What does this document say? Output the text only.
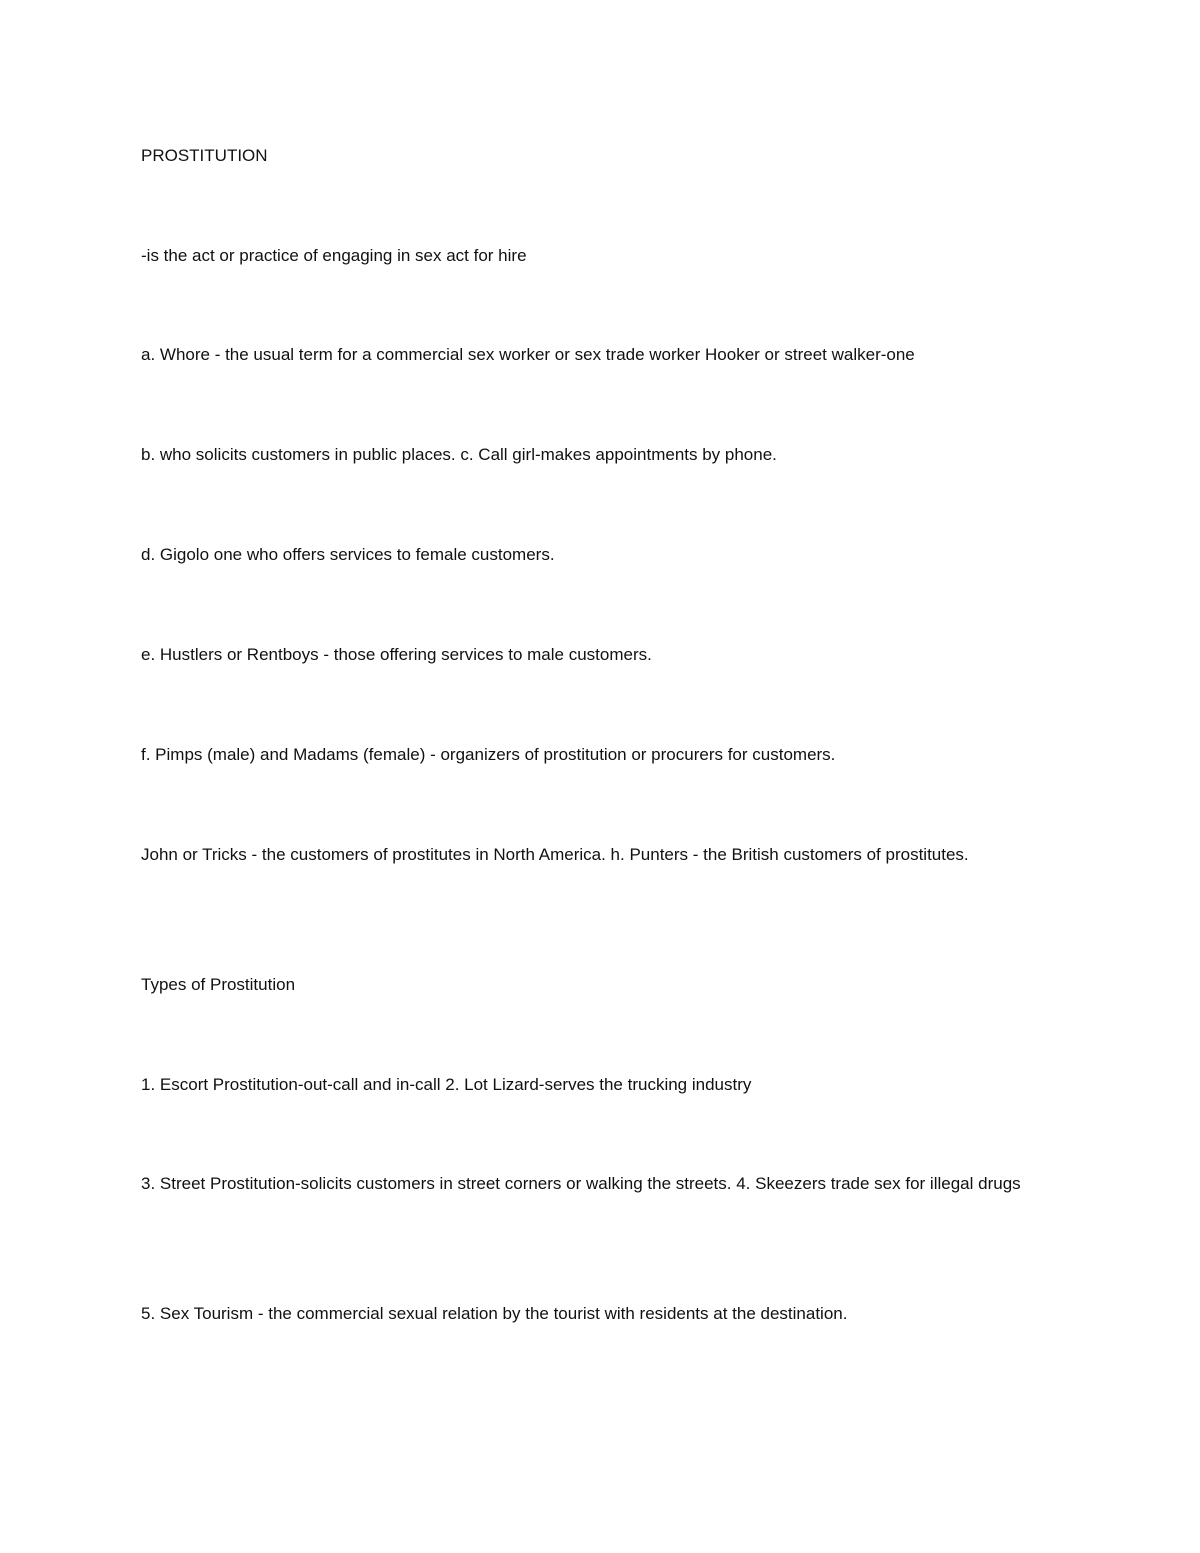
PROSTITUTION

-is the act or practice of engaging in sex act for hire

a. Whore - the usual term for a commercial sex worker or sex trade worker Hooker or street walker-one

b. who solicits customers in public places. c. Call girl-makes appointments by phone.

d. Gigolo one who offers services to female customers.

e. Hustlers or Rentboys - those offering services to male customers.

f. Pimps (male) and Madams (female) - organizers of prostitution or procurers for customers.

John or Tricks - the customers of prostitutes in North America. h. Punters - the British customers of prostitutes.

Types of Prostitution

1. Escort Prostitution-out-call and in-call 2. Lot Lizard-serves the trucking industry

3. Street Prostitution-solicits customers in street corners or walking the streets. 4. Skeezers trade sex for illegal drugs

5. Sex Tourism - the commercial sexual relation by the tourist with residents at the destination.
